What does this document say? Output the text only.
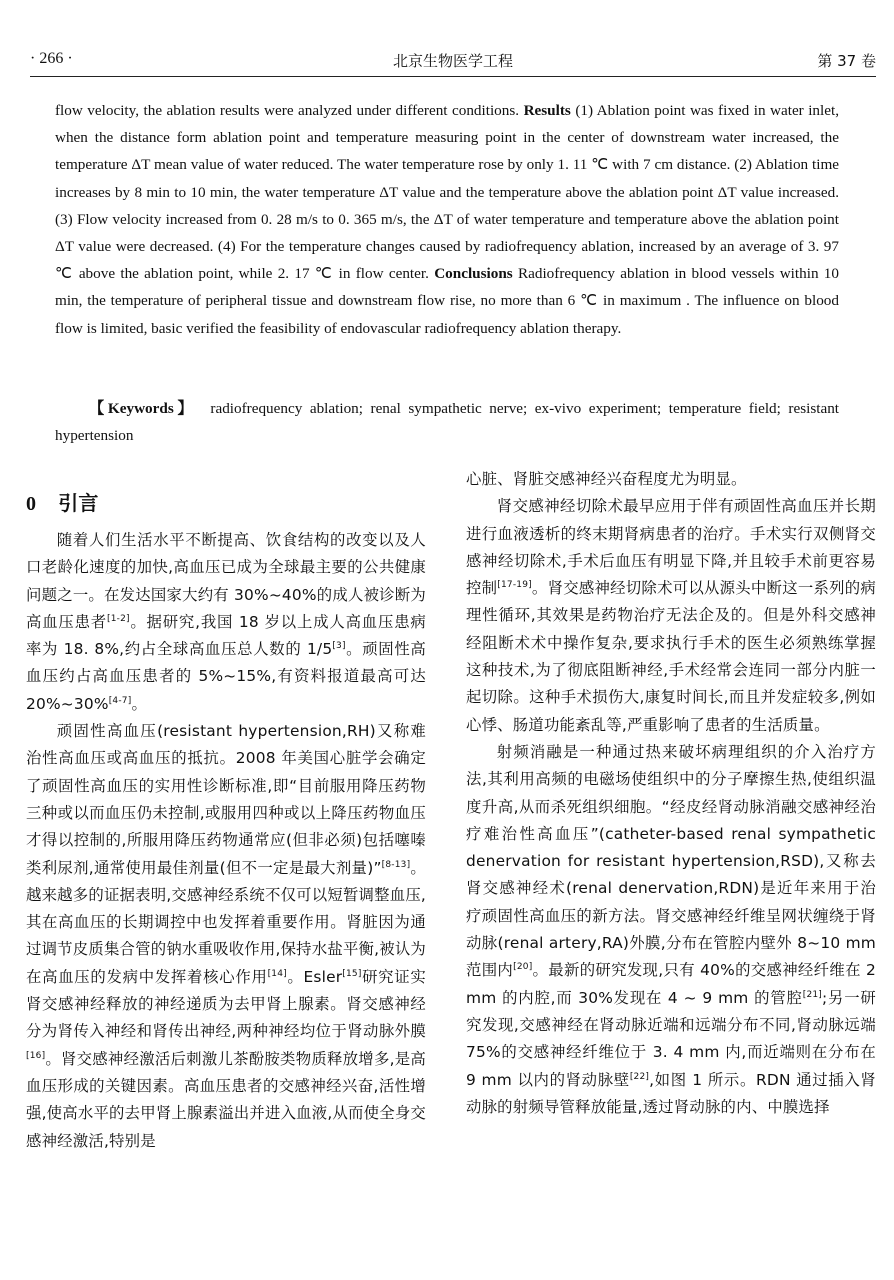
· 266 ·	北京生物医学工程	第 37 卷

flow velocity, the ablation results were analyzed under different conditions. Results (1) Ablation point was fixed in water inlet, when the distance form ablation point and temperature measuring point in the center of downstream water increased, the temperature ΔT mean value of water reduced. The water temperature rose by only 1. 11 ℃ with 7 cm distance. (2) Ablation time increases by 8 min to 10 min, the water temperature ΔT value and the temperature above the ablation point ΔT value increased. (3) Flow velocity increased from 0. 28 m/s to 0. 365 m/s, the ΔT of water temperature and temperature above the ablation point ΔT value were decreased. (4) For the temperature changes caused by radiofrequency ablation, increased by an average of 3. 97 ℃ above the ablation point, while 2. 17 ℃ in flow center. Conclusions Radiofrequency ablation in blood vessels within 10 min, the temperature of peripheral tissue and downstream flow rise, no more than 6 ℃ in maximum . The influence on blood flow is limited, basic verified the feasibility of endovascular radiofrequency ablation therapy.

【Keywords】 radiofrequency ablation; renal sympathetic nerve; ex-vivo experiment; temperature field; resistant hypertension
0 引言

随着人们生活水平不断提高、饮食结构的改变以及人口老龄化速度的加快,高血压已成为全球最主要的公共健康问题之一。在发达国家大约有 30%~40%的成人被诊断为高血压患者[1-2]。据研究,我国 18 岁以上成人高血压患病率为 18. 8%,约占全球高血压总人数的 1/5[3]。顽固性高血压约占高血压患者的 5%~15%,有资料报道最高可达 20%~30%[4-7]。

顽固性高血压(resistant hypertension,RH)又称难治性高血压或高血压的抵抗。2008 年美国心脏学会确定了顽固性高血压的实用性诊断标准,即“目前服用降压药物三种或以而血压仍未控制,或服用四种或以上降压药物血压才得以控制的,所服用降压药物通常应(但非必须)包括噻嗪类利尿剂,通常使用最佳剂量(但不一定是最大剂量)”[8-13]。越来越多的证据表明,交感神经系统不仅可以短暂调整血压,其在高血压的长期调控中也发挥着重要作用。肾脏因为通过调节皮质集合管的钠水重吸收作用,保持水盐平衡,被认为在高血压的发病中发挥着核心作用[14]。Esler[15]研究证实肾交感神经释放的神经递质为去甲肾上腺素。肾交感神经分为肾传入神经和肾传出神经,两种神经均位于肾动脉外膜[16]。肾交感神经激活后刺激儿茶酚胺类物质释放增多,是高血压形成的关键因素。高血压患者的交感神经兴奋,活性增强,使高水平的去甲肾上腺素溢出并进入血液,从而使全身交感神经激活,特别是

心脏、肾脏交感神经兴奋程度尤为明显。

肾交感神经切除术最早应用于伴有顽固性高血压并长期进行血液透析的终末期肾病患者的治疗。手术实行双侧肾交感神经切除术,手术后血压有明显下降,并且较手术前更容易控制[17-19]。肾交感神经切除术可以从源头中断这一系列的病理性循环,其效果是药物治疗无法企及的。但是外科交感神经阻断术术中操作复杂,要求执行手术的医生必须熟练掌握这种技术,为了彻底阻断神经,手术经常会连同一部分内脏一起切除。这种手术损伤大,康复时间长,而且并发症较多,例如心悸、肠道功能紊乱等,严重影响了患者的生活质量。

射频消融是一种通过热来破坏病理组织的介入治疗方法,其利用高频的电磁场使组织中的分子摩擦生热,使组织温度升高,从而杀死组织细胞。“经皮经肾动脉消融交感神经治疗难治性高血压”(catheter-based renal sympathetic denervation for resistant hypertension,RSD),又称去肾交感神经术(renal denervation,RDN)是近年来用于治疗顽固性高血压的新方法。肾交感神经纤维呈网状缠绕于肾动脉(renal artery,RA)外膜,分布在管腔内壁外 8~10 mm 范围内[20]。最新的研究发现,只有 40%的交感神经纤维在 2 mm 的内腔,而 30%发现在 4 ~ 9 mm 的管腔[21];另一研究发现,交感神经在肾动脉近端和远端分布不同,肾动脉远端 75%的交感神经纤维位于 3. 4 mm 内,而近端则在分布在 9 mm 以内的肾动脉壁[22],如图 1 所示。RDN 通过插入肾动脉的射频导管释放能量,透过肾动脉的内、中膜选择
